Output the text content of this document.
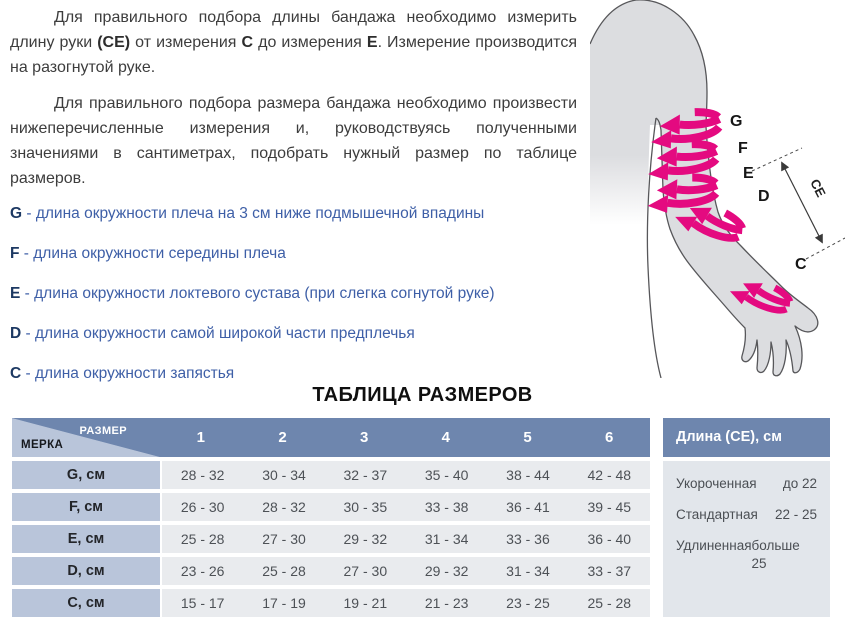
Для правильного подбора длины бандажа необходимо измерить длину руки (CE) от измерения C до измерения E. Измерение производится на разогнутой руке.

Для правильного подбора размера бандажа необходимо произвести нижеперечисленные измерения и, руководствуясь полученными значениями в сантиметрах, подобрать нужный размер по таблице размеров.

G - длина окружности плеча на 3 см ниже подмышечной впадины
F - длина окружности середины плеча
E - длина окружности локтевого сустава (при слегка согнутой руке)
D - длина окружности самой широкой части предплечья
C - длина окружности запястья
G
F
E
D
C
CE
ТАБЛИЦА РАЗМЕРОВ
РАЗМЕР
МЕРКА	1	2	3	4	5	6
G, см	28 - 32	30 - 34	32 - 37	35 - 40	38 - 44	42 - 48
F, см	26 - 30	28 - 32	30 - 35	33 - 38	36 - 41	39 - 45
E, см	25 - 28	27 - 30	29 - 32	31 - 34	33 - 36	36 - 40
D, см	23 - 26	25 - 28	27 - 30	29 - 32	31 - 34	33 - 37
C, см	15 - 17	17 - 19	19 - 21	21 - 23	23 - 25	25 - 28
Длина (CE), см
Укороченная до 22
Стандартная 22 - 25
Удлиненная больше 25
